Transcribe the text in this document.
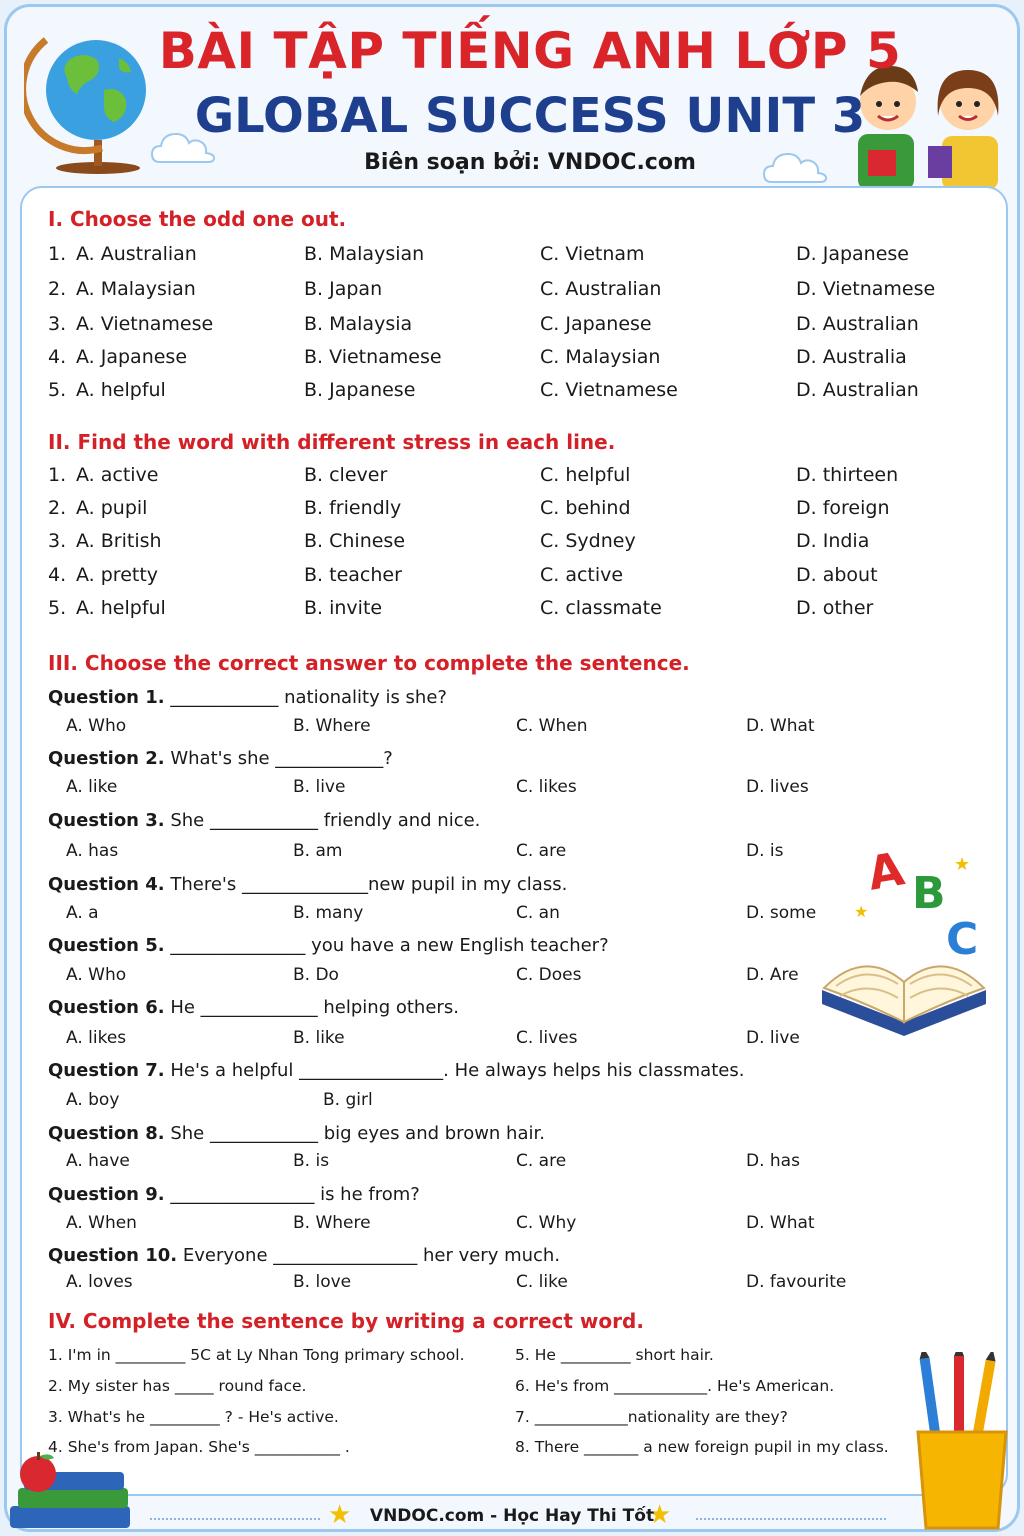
BÀI TẬP TIẾNG ANH LỚP 5
GLOBAL SUCCESS UNIT 3
Biên soạn bởi: VNDOC.com
I. Choose the odd one out.
1. A. Australian	B. Malaysian	C. Vietnam	D. Japanese
2. A. Malaysian	B. Japan	C. Australian	D. Vietnamese
3. A. Vietnamese	B. Malaysia	C. Japanese	D. Australian
4. A. Japanese	B. Vietnamese	C. Malaysian	D. Australia
5. A. helpful	B. Japanese	C. Vietnamese	D. Australian
II. Find the word with different stress in each line.
1. A. active	B. clever	C. helpful	D. thirteen
2. A. pupil	B. friendly	C. behind	D. foreign
3. A. British	B. Chinese	C. Sydney	D. India
4. A. pretty	B. teacher	C. active	D. about
5. A. helpful	B. invite	C. classmate	D. other
III. Choose the correct answer to complete the sentence.
Question 1. ____________ nationality is she?
A. Who	B. Where	C. When	D. What
Question 2. What's she ____________?
A. like	B. live	C. likes	D. lives
Question 3. She ____________ friendly and nice.
A. has	B. am	C. are	D. is
Question 4. There's ______________new pupil in my class.
A. a	B. many	C. an	D. some
Question 5. _______________ you have a new English teacher?
A. Who	B. Do	C. Does	D. Are
Question 6. He _____________ helping others.
A. likes	B. like	C. lives	D. live
Question 7. He's a helpful ________________. He always helps his classmates.
A. boy	B. girl
Question 8. She ____________ big eyes and brown hair.
A. have	B. is	C. are	D. has
Question 9. ________________ is he from?
A. When	B. Where	C. Why	D. What
Question 10. Everyone ________________ her very much.
A. loves	B. love	C. like	D. favourite
IV. Complete the sentence by writing a correct word.
1. I'm in _________ 5C at Ly Nhan Tong primary school.
2. My sister has _____ round face.
3. What's he _________ ? - He's active.
4. She's from Japan. She's ___________ .
5. He _________ short hair.
6. He's from ____________. He's American.
7. ____________nationality are they?
8. There _______ a new foreign pupil in my class.
A B
C
★
★
★	★
VNDOC.com - Học Hay Thi Tốt
